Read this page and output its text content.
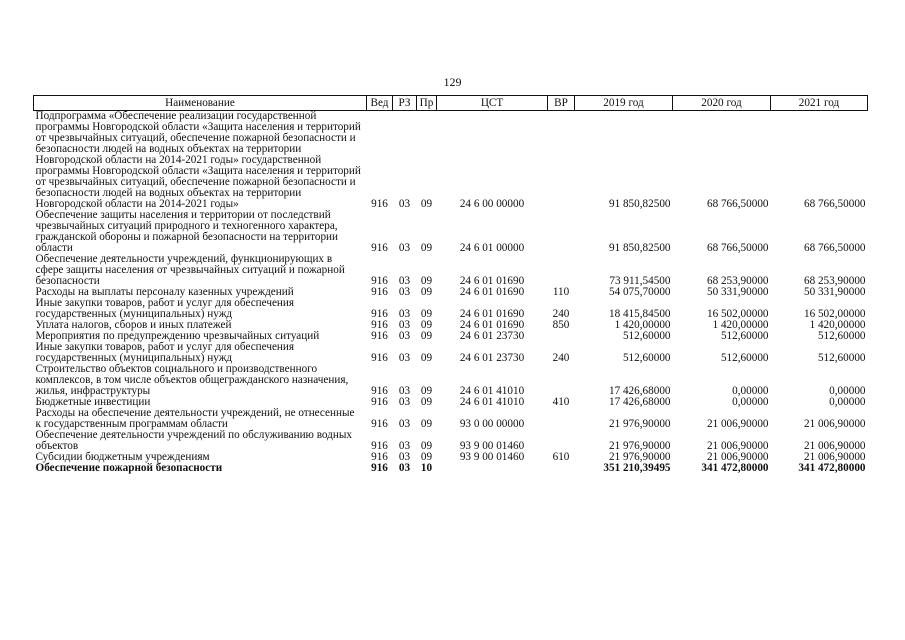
129
Наименование	Вед	РЗ	Пр	ЦСТ	ВР	2019 год	2020 год	2021 год
Подпрограмма «Обеспечение реализации государственной программы Новгородской области «Защита населения и территорий от чрезвычайных ситуаций, обеспечение пожарной безопасности и безопасности людей на водных объектах на территории Новгородской области на 2014-2021 годы» государственной программы Новгородской области «Защита населения и территорий от чрезвычайных ситуаций, обеспечение пожарной безопасности и безопасности людей на водных объектах на территории Новгородской области на 2014-2021 годы»	916	03	09	24 6 00 00000		91 850,82500	68 766,50000	68 766,50000
Обеспечение защиты населения и территории от последствий чрезвычайных ситуаций природного и техногенного характера, гражданской обороны и пожарной безопасности на территории области	916	03	09	24 6 01 00000		91 850,82500	68 766,50000	68 766,50000
Обеспечение деятельности учреждений, функционирующих в сфере защиты населения от чрезвычайных ситуаций и пожарной безопасности	916	03	09	24 6 01 01690		73 911,54500	68 253,90000	68 253,90000
Расходы на выплаты персоналу казенных учреждений	916	03	09	24 6 01 01690	110	54 075,70000	50 331,90000	50 331,90000
Иные закупки товаров, работ и услуг для обеспечения государственных (муниципальных) нужд	916	03	09	24 6 01 01690	240	18 415,84500	16 502,00000	16 502,00000
Уплата налогов, сборов и иных платежей	916	03	09	24 6 01 01690	850	1 420,00000	1 420,00000	1 420,00000
Мероприятия по предупреждению чрезвычайных ситуаций	916	03	09	24 6 01 23730		512,60000	512,60000	512,60000
Иные закупки товаров, работ и услуг для обеспечения государственных (муниципальных) нужд	916	03	09	24 6 01 23730	240	512,60000	512,60000	512,60000
Строительство объектов социального и производственного комплексов, в том числе объектов общегражданского назначения, жилья, инфраструктуры	916	03	09	24 6 01 41010		17 426,68000	0,00000	0,00000
Бюджетные инвестиции	916	03	09	24 6 01 41010	410	17 426,68000	0,00000	0,00000
Расходы на обеспечение деятельности учреждений, не отнесенные к государственным программам области	916	03	09	93 0 00 00000		21 976,90000	21 006,90000	21 006,90000
Обеспечение деятельности учреждений по обслуживанию водных объектов	916	03	09	93 9 00 01460		21 976,90000	21 006,90000	21 006,90000
Субсидии бюджетным учреждениям	916	03	09	93 9 00 01460	610	21 976,90000	21 006,90000	21 006,90000
Обеспечение пожарной безопасности	916	03	10			351 210,39495	341 472,80000	341 472,80000
